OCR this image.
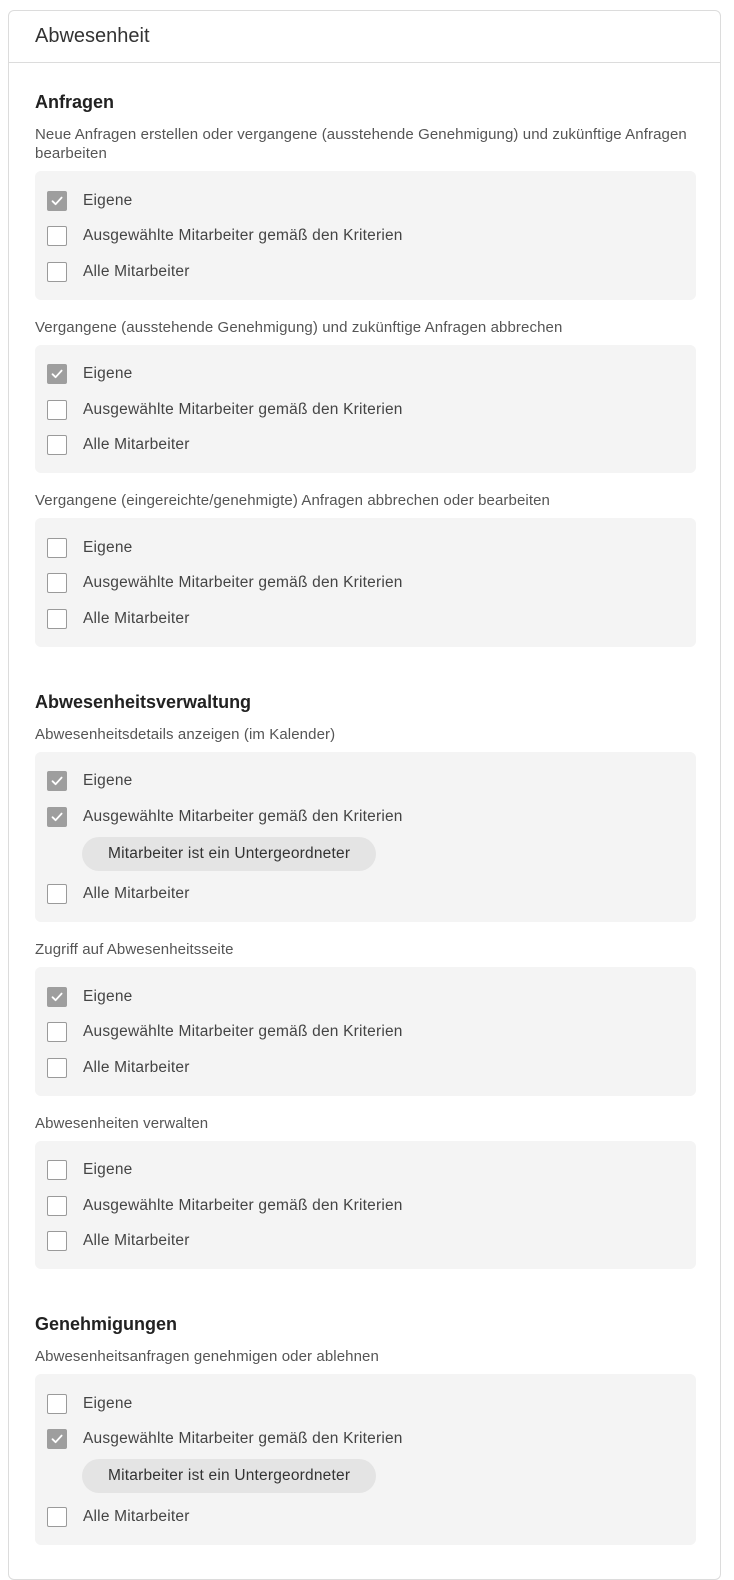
Abwesenheit
Anfragen
Neue Anfragen erstellen oder vergangene (ausstehende Genehmigung) und zukünftige Anfragen bearbeiten
Eigene
Ausgewählte Mitarbeiter gemäß den Kriterien
Alle Mitarbeiter
Vergangene (ausstehende Genehmigung) und zukünftige Anfragen abbrechen
Eigene
Ausgewählte Mitarbeiter gemäß den Kriterien
Alle Mitarbeiter
Vergangene (eingereichte/genehmigte) Anfragen abbrechen oder bearbeiten
Eigene
Ausgewählte Mitarbeiter gemäß den Kriterien
Alle Mitarbeiter
Abwesenheitsverwaltung
Abwesenheitsdetails anzeigen (im Kalender)
Eigene
Ausgewählte Mitarbeiter gemäß den Kriterien
Mitarbeiter ist ein Untergeordneter
Alle Mitarbeiter
Zugriff auf Abwesenheitsseite
Eigene
Ausgewählte Mitarbeiter gemäß den Kriterien
Alle Mitarbeiter
Abwesenheiten verwalten
Eigene
Ausgewählte Mitarbeiter gemäß den Kriterien
Alle Mitarbeiter
Genehmigungen
Abwesenheitsanfragen genehmigen oder ablehnen
Eigene
Ausgewählte Mitarbeiter gemäß den Kriterien
Mitarbeiter ist ein Untergeordneter
Alle Mitarbeiter
